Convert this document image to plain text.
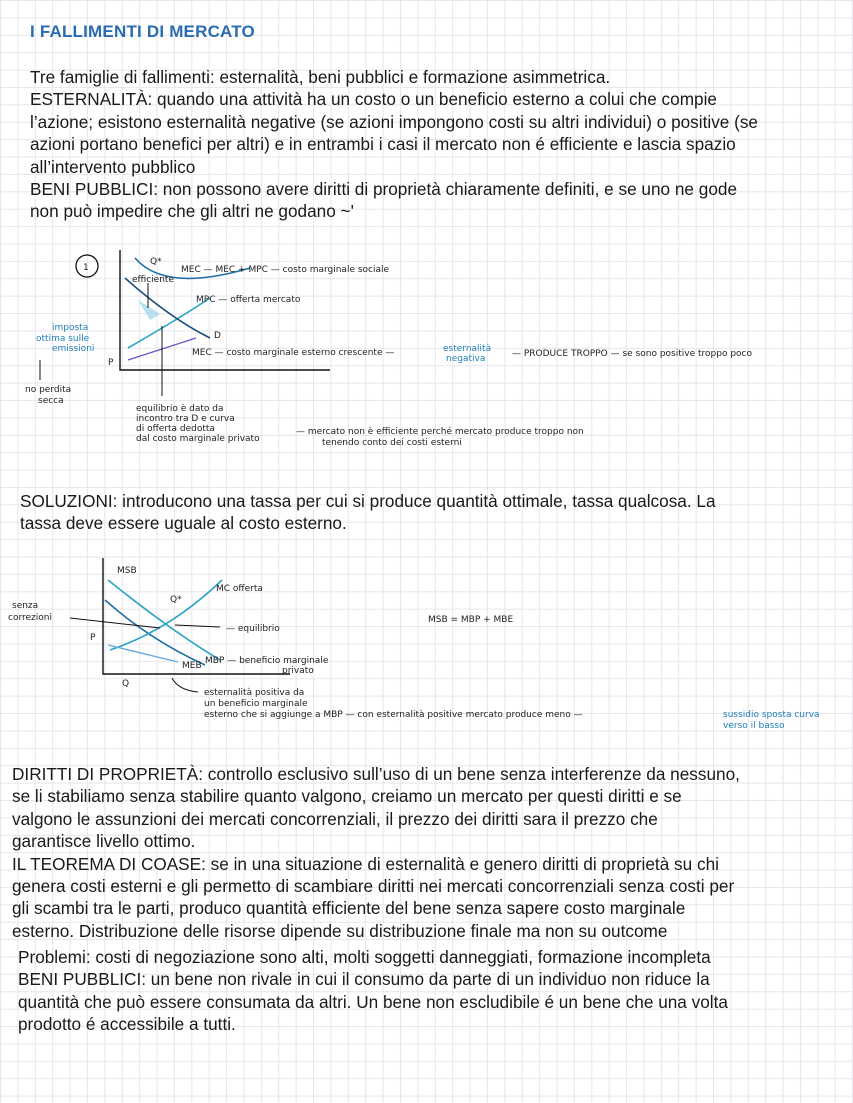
I FALLIMENTI DI MERCATO

Tre famiglie di fallimenti: esternalità, beni pubblici e formazione asimmetrica.

ESTERNALITÀ: quando una attività ha un costo o un beneficio esterno a colui che compie

l’azione; esistono esternalità negative (se azioni impongono costi su altri individui) o positive (se

azioni portano benefici per altri) e in entrambi i casi il mercato non é efficiente e lascia spazio

all’intervento pubblico

BENI PUBBLICI: non possono avere diritti di proprietà chiaramente definiti, e se uno ne gode

non può impedire che gli altri ne godano ~'

1
Q*
efficiente
P
D
MEC — MEC + MPC — costo marginale sociale
MPC — offerta mercato
MEC — costo marginale esterno crescente —	esternalità
negativa	— PRODUCE TROPPO — se sono positive troppo poco
imposta
ottima sulle
emissioni
no perdita
secca
equilibrio è dato da
incontro tra D e curva
di offerta dedotta
dal costo marginale privato
— mercato non è efficiente perché mercato produce troppo non
tenendo conto dei costi esterni

SOLUZIONI: introducono una tassa per cui si produce quantità ottimale, tassa qualcosa. La

tassa deve essere uguale al costo esterno.

MSB
Q*
MC offerta
senza
correzioni
— equilibrio
P
Q
MEB MBP — beneficio marginale
privato
MSB = MBP + MBE
esternalità positiva da
un beneficio marginale
esterno che si aggiunge a MBP — con esternalità positive mercato produce meno —	sussidio sposta curva
verso il basso

DIRITTI DI PROPRIETÀ: controllo esclusivo sull’uso di un bene senza interferenze da nessuno,

se li stabiliamo senza stabilire quanto valgono, creiamo un mercato per questi diritti e se

valgono le assunzioni dei mercati concorrenziali, il prezzo dei diritti sara il prezzo che

garantisce livello ottimo.

IL TEOREMA DI COASE: se in una situazione di esternalità e genero diritti di proprietà su chi

genera costi esterni e gli permetto di scambiare diritti nei mercati concorrenziali senza costi per

gli scambi tra le parti, produco quantità efficiente del bene senza sapere costo marginale

esterno. Distribuzione delle risorse dipende su distribuzione finale ma non su outcome

Problemi: costi di negoziazione sono alti, molti soggetti danneggiati, formazione incompleta

BENI PUBBLICI: un bene non rivale in cui il consumo da parte di un individuo non riduce la

quantità che può essere consumata da altri. Un bene non escludibile é un bene che una volta

prodotto é accessibile a tutti.
